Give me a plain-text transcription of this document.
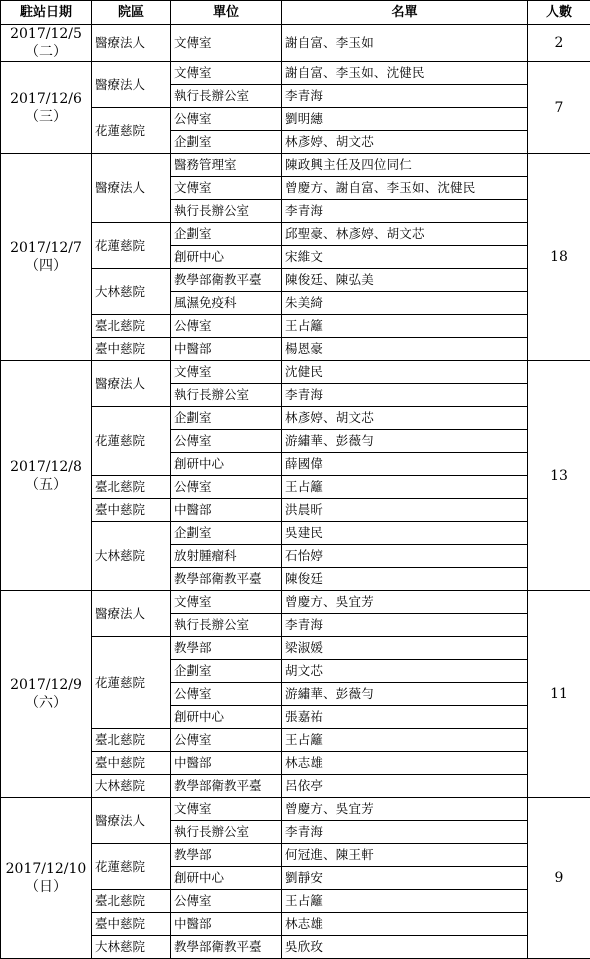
駐站日期	院區	單位	名單	人數
2017/12/5
（二）	醫療法人	文傳室	謝自富、李玉如	2
2017/12/6
（三）	醫療法人	文傳室	謝自富、李玉如、沈健民	7
		執行長辦公室	李青海	
	花蓮慈院	公傳室	劉明繐	
		企劃室	林彥婷、胡文芯	
2017/12/7
（四）	醫療法人	醫務管理室	陳政興主任及四位同仁	18
		文傳室	曾慶方、謝自富、李玉如、沈健民	
		執行長辦公室	李青海	
	花蓮慈院	企劃室	邱聖豪、林彥婷、胡文芯	
		創研中心	宋維文	
	大林慈院	教學部衛教平臺	陳俊廷、陳弘美	
		風濕免疫科	朱美綺	
	臺北慈院	公傳室	王占籬	
	臺中慈院	中醫部	楊恩豪	
2017/12/8
（五）	醫療法人	文傳室	沈健民	13
		執行長辦公室	李青海	
	花蓮慈院	企劃室	林彥婷、胡文芯	
		公傳室	游繡華、彭薇勻	
		創研中心	薛國偉	
	臺北慈院	公傳室	王占籬	
	臺中慈院	中醫部	洪晨昕	
	大林慈院	企劃室	吳建民	
		放射腫瘤科	石怡婷	
		教學部衛教平臺	陳俊廷	
2017/12/9
（六）	醫療法人	文傳室	曾慶方、吳宜芳	11
		執行長辦公室	李青海	
	花蓮慈院	教學部	梁淑媛	
		企劃室	胡文芯	
		公傳室	游繡華、彭薇勻	
		創研中心	張嘉祐	
	臺北慈院	公傳室	王占籬	
	臺中慈院	中醫部	林志雄	
	大林慈院	教學部衛教平臺	呂依亭	
2017/12/10
（日）	醫療法人	文傳室	曾慶方、吳宜芳	9
		執行長辦公室	李青海	
	花蓮慈院	教學部	何冠進、陳王軒	
		創研中心	劉靜安	
	臺北慈院	公傳室	王占籬	
	臺中慈院	中醫部	林志雄	
	大林慈院	教學部衛教平臺	吳欣玫	
